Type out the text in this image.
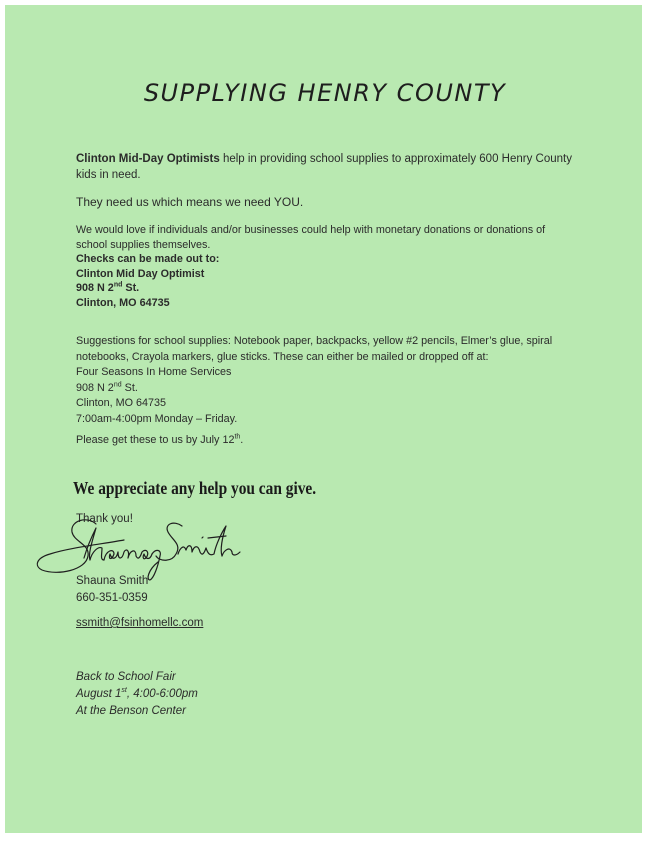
SUPPLYING HENRY COUNTY
Clinton Mid-Day Optimists help in providing school supplies to approximately 600 Henry County kids in need.
They need us which means we need YOU.
We would love if individuals and/or businesses could help with monetary donations or donations of school supplies themselves.
Checks can be made out to:
Clinton Mid Day Optimist
908 N 2nd St.
Clinton, MO 64735
Suggestions for school supplies: Notebook paper, backpacks, yellow #2 pencils, Elmer’s glue, spiral notebooks, Crayola markers, glue sticks. These can either be mailed or dropped off at:
Four Seasons In Home Services
908 N 2nd St.
Clinton, MO 64735
7:00am-4:00pm Monday – Friday.
Please get these to us by July 12th.
We appreciate any help you can give.
Thank you!
Shauna Smith
660-351-0359
ssmith@fsinhomellc.com
Back to School Fair
August 1st, 4:00-6:00pm
At the Benson Center
